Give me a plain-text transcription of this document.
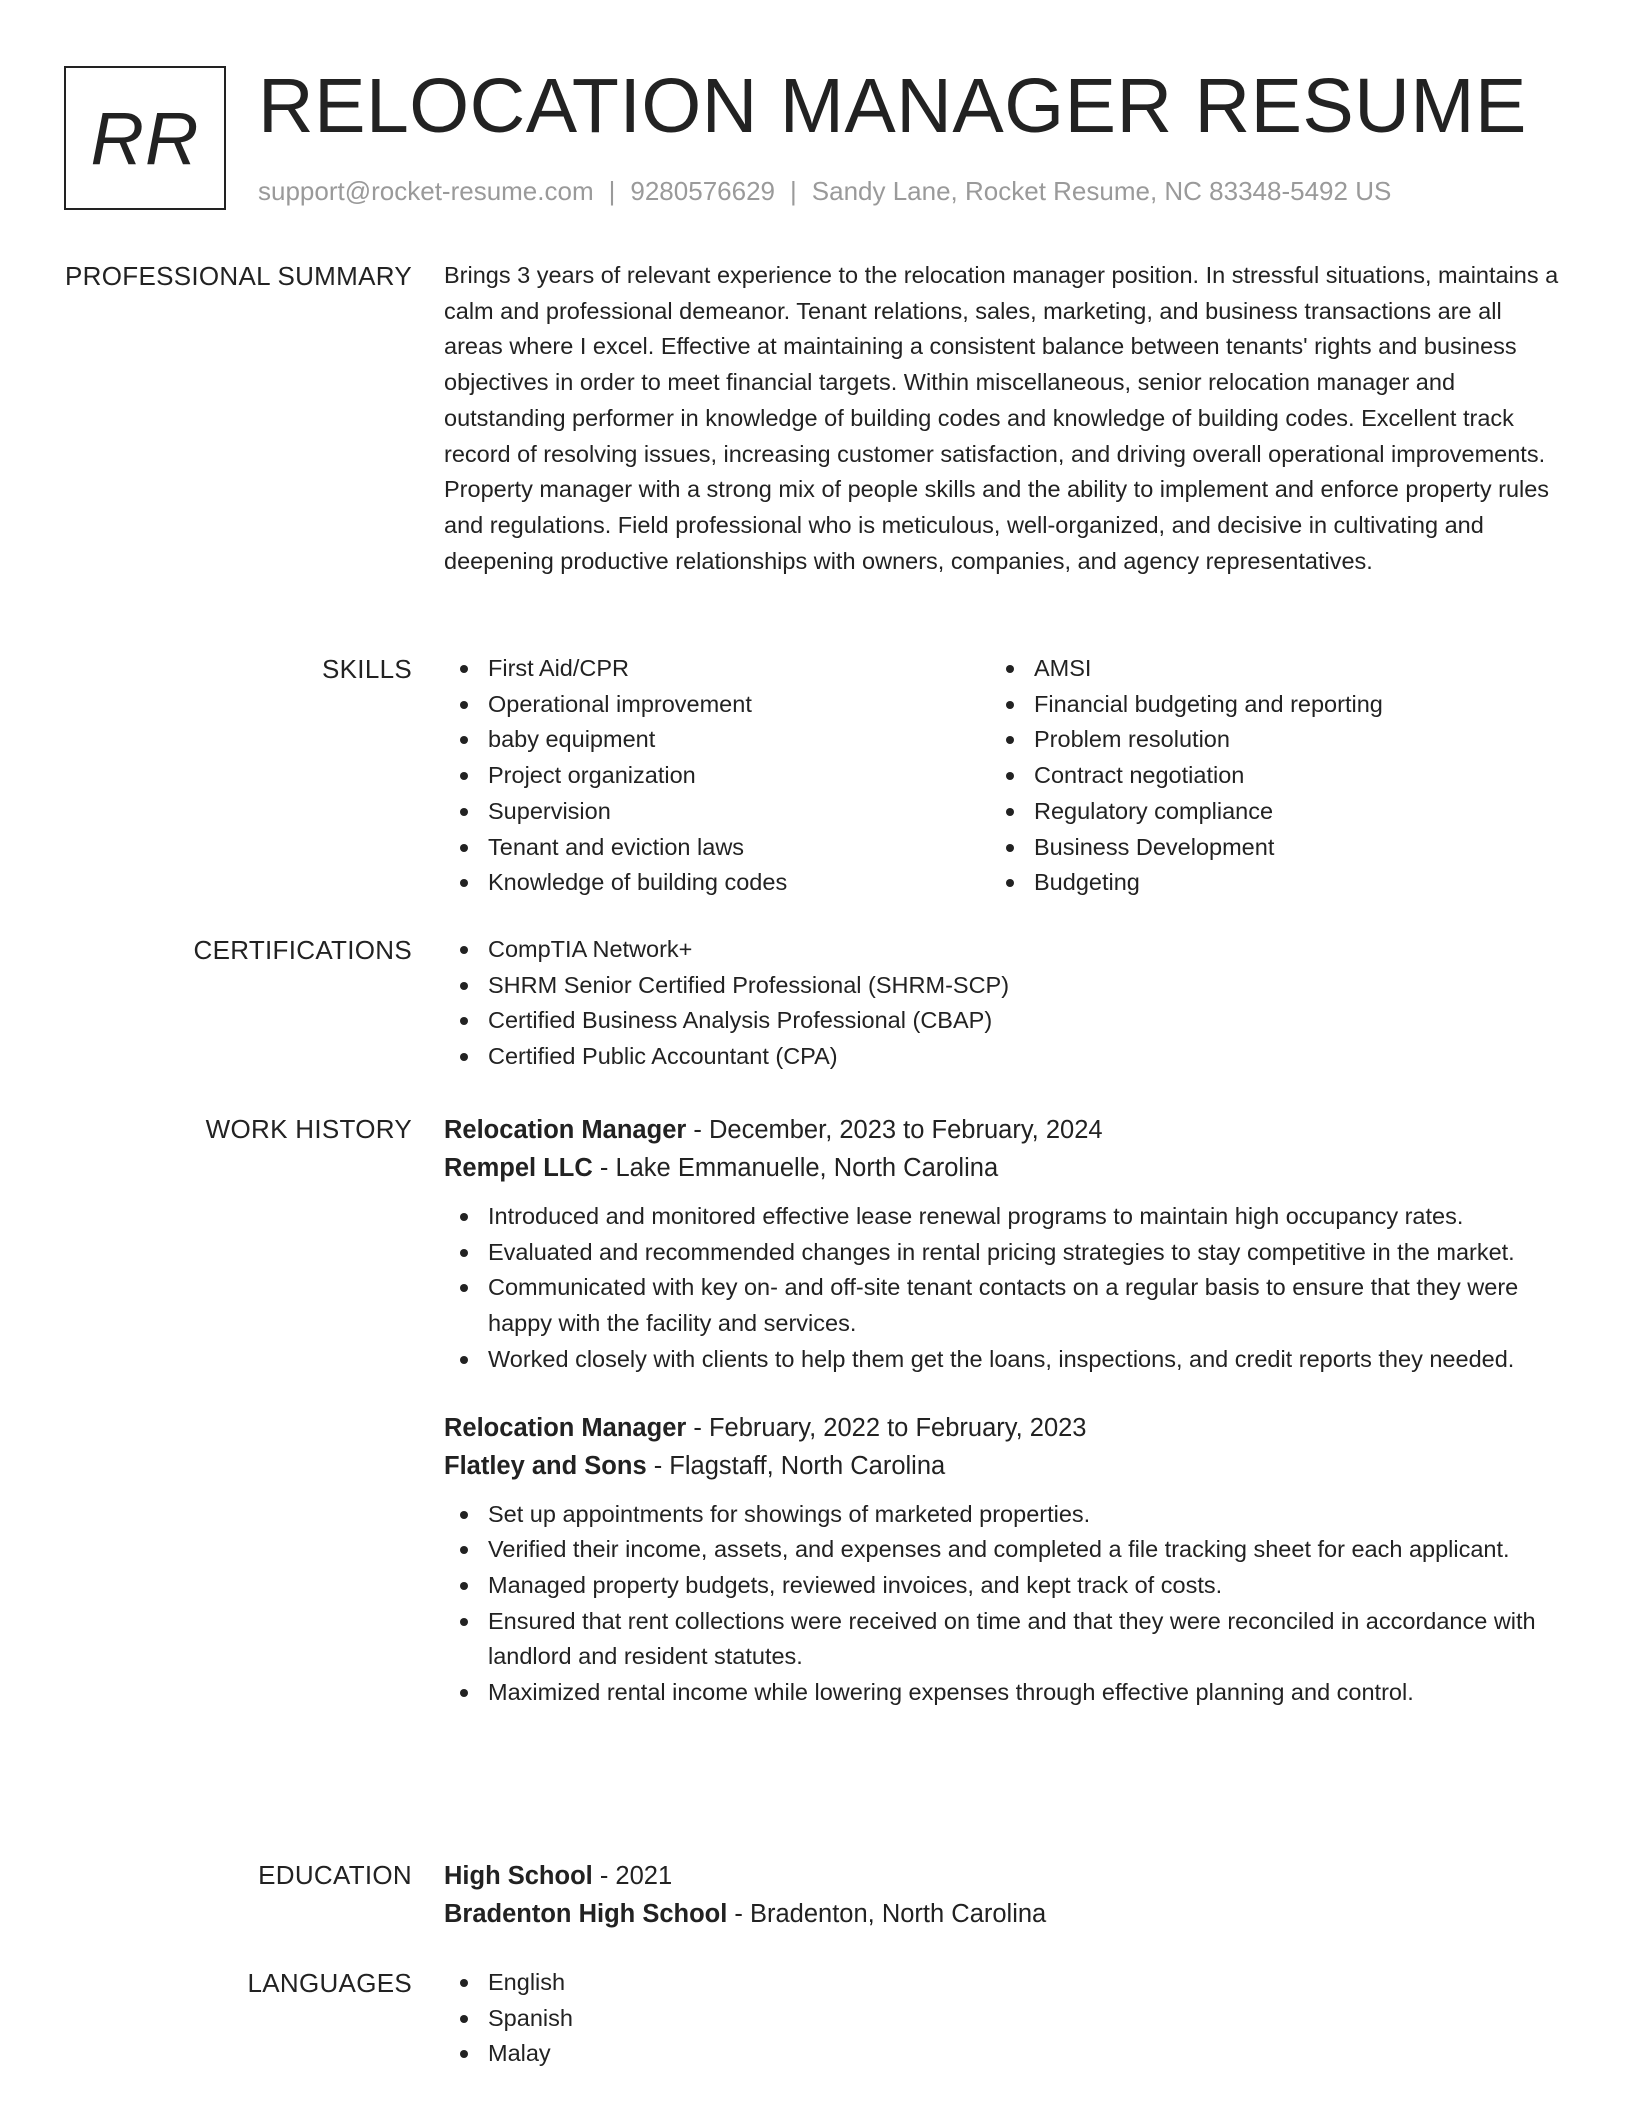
RR RELOCATION MANAGER RESUME
support@rocket-resume.com | 9280576629 | Sandy Lane, Rocket Resume, NC 83348-5492 US
PROFESSIONAL SUMMARY Brings 3 years of relevant experience to the relocation manager position. In stressful situations, maintains a calm and professional demeanor. Tenant relations, sales, marketing, and business transactions are all areas where I excel. Effective at maintaining a consistent balance between tenants' rights and business objectives in order to meet financial targets. Within miscellaneous, senior relocation manager and outstanding performer in knowledge of building codes and knowledge of building codes. Excellent track record of resolving issues, increasing customer satisfaction, and driving overall operational improvements. Property manager with a strong mix of people skills and the ability to implement and enforce property rules and regulations. Field professional who is meticulous, well-organized, and decisive in cultivating and deepening productive relationships with owners, companies, and agency representatives.
SKILLS	First Aid/CPR
Operational improvement
baby equipment
Project organization
Supervision
Tenant and eviction laws
Knowledge of building codes
AMSI
Financial budgeting and reporting
Problem resolution
Contract negotiation
Regulatory compliance
Business Development
Budgeting
CERTIFICATIONS	CompTIA Network+
SHRM Senior Certified Professional (SHRM-SCP)
Certified Business Analysis Professional (CBAP)
Certified Public Accountant (CPA)
WORK HISTORY Relocation Manager - December, 2023 to February, 2024
Rempel LLC - Lake Emmanuelle, North Carolina
Introduced and monitored effective lease renewal programs to maintain high occupancy rates.
Evaluated and recommended changes in rental pricing strategies to stay competitive in the market.
Communicated with key on- and off-site tenant contacts on a regular basis to ensure that they were happy with the facility and services.
Worked closely with clients to help them get the loans, inspections, and credit reports they needed.
Relocation Manager - February, 2022 to February, 2023
Flatley and Sons - Flagstaff, North Carolina
Set up appointments for showings of marketed properties.
Verified their income, assets, and expenses and completed a file tracking sheet for each applicant.
Managed property budgets, reviewed invoices, and kept track of costs.
Ensured that rent collections were received on time and that they were reconciled in accordance with landlord and resident statutes.
Maximized rental income while lowering expenses through effective planning and control.
EDUCATION High School - 2021
Bradenton High School - Bradenton, North Carolina
LANGUAGES	English
Spanish
Malay
